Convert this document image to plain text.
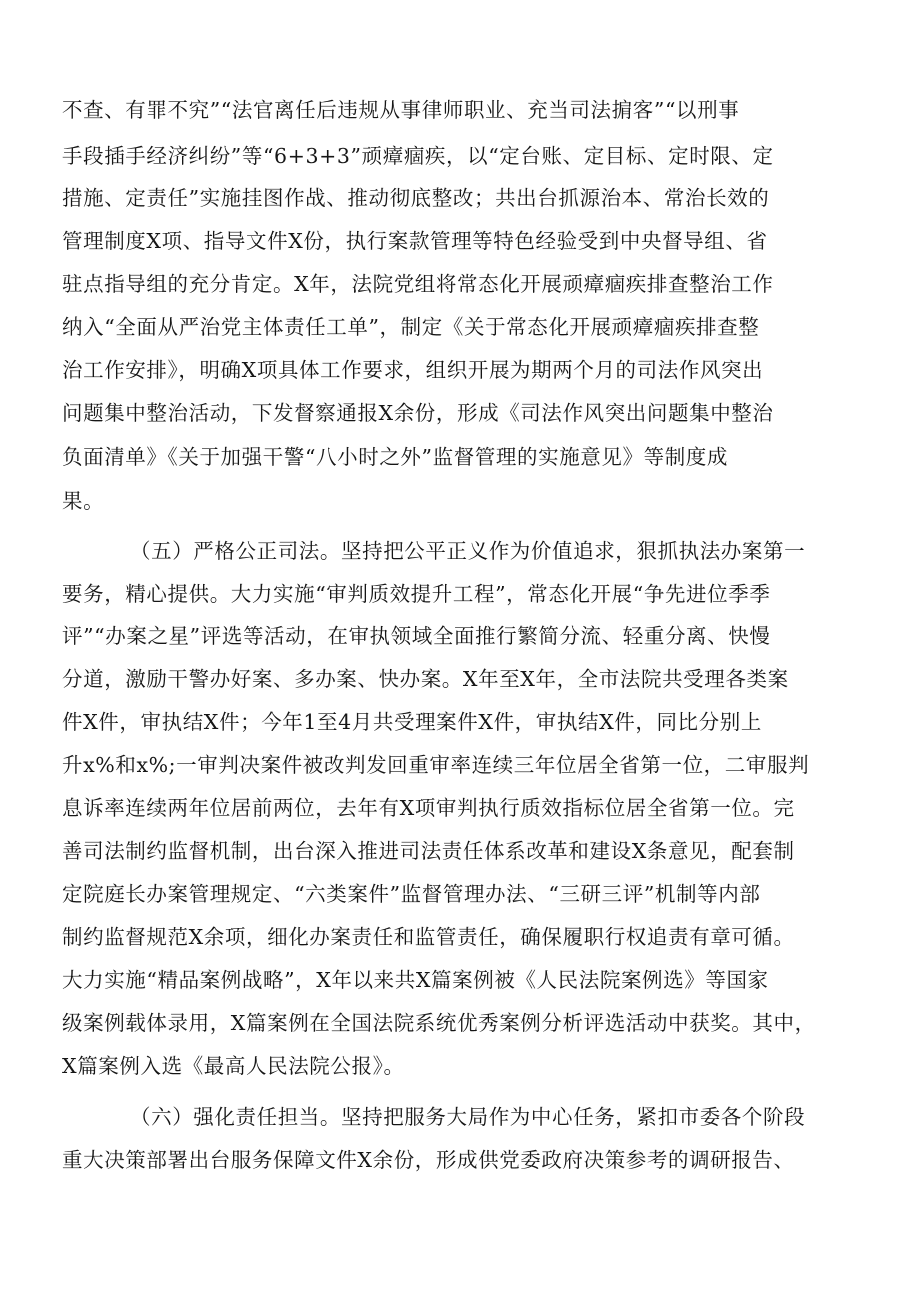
不查、有罪不究”“法官离任后违规从事律师职业、充当司法掮客”“以刑事

手段插手经济纠纷”等“6+3+3”顽瘴痼疾，以“定台账、定目标、定时限、定

措施、定责任”实施挂图作战、推动彻底整改；共出台抓源治本、常治长效的

管理制度X项、指导文件X份，执行案款管理等特色经验受到中央督导组、省

驻点指导组的充分肯定。X年，法院党组将常态化开展顽瘴痼疾排查整治工作

纳入“全面从严治党主体责任工单”，制定《关于常态化开展顽瘴痼疾排查整

治工作安排》，明确X项具体工作要求，组织开展为期两个月的司法作风突出

问题集中整治活动，下发督察通报X余份，形成《司法作风突出问题集中整治

负面清单》《关于加强干警“八小时之外”监督管理的实施意见》等制度成

果。

（五）严格公正司法。坚持把公平正义作为价值追求，狠抓执法办案第一

要务，精心提供。大力实施“审判质效提升工程”，常态化开展“争先进位季季

评”“办案之星”评选等活动，在审执领域全面推行繁简分流、轻重分离、快慢

分道，激励干警办好案、多办案、快办案。X年至X年，全市法院共受理各类案

件X件，审执结X件；今年1至4月共受理案件X件，审执结X件，同比分别上

升x%和x%;一审判决案件被改判发回重审率连续三年位居全省第一位，二审服判

息诉率连续两年位居前两位，去年有X项审判执行质效指标位居全省第一位。完

善司法制约监督机制，出台深入推进司法责任体系改革和建设X条意见，配套制

定院庭长办案管理规定、“六类案件”监督管理办法、“三研三评”机制等内部

制约监督规范X余项，细化办案责任和监管责任，确保履职行权追责有章可循。

大力实施“精品案例战略”，X年以来共X篇案例被《人民法院案例选》等国家

级案例载体录用，X篇案例在全国法院系统优秀案例分析评选活动中获奖。其中，

X篇案例入选《最高人民法院公报》。

（六）强化责任担当。坚持把服务大局作为中心任务，紧扣市委各个阶段

重大决策部署出台服务保障文件X余份，形成供党委政府决策参考的调研报告、
